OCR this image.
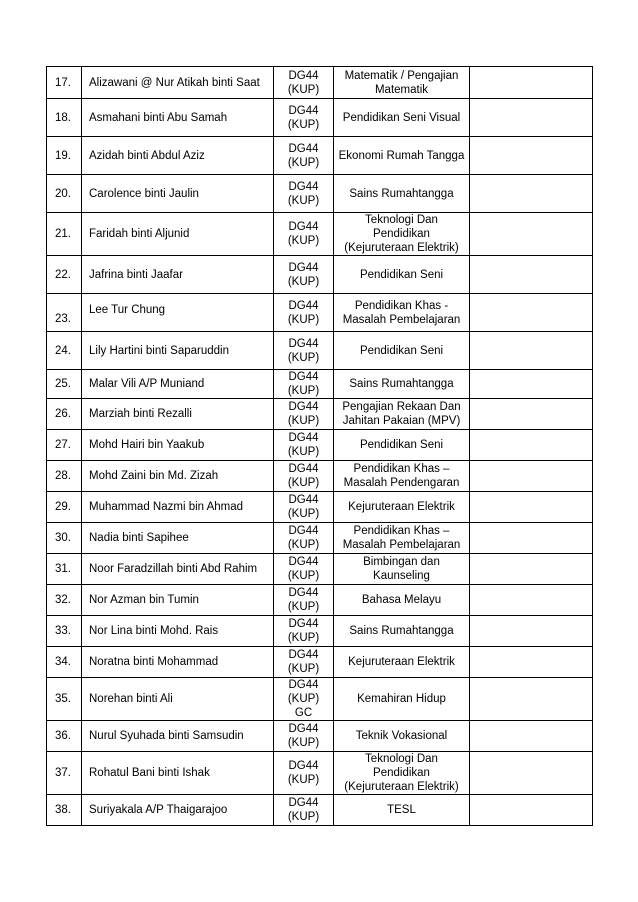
17.	Alizawani @ Nur Atikah binti Saat	DG44
(KUP)	Matematik / Pengajian
Matematik	

18.	Asmahani binti Abu Samah	DG44
(KUP)	Pendidikan Seni Visual	

19.	Azidah binti Abdul Aziz	DG44
(KUP)	Ekonomi Rumah Tangga	

20.	Carolence binti Jaulin	DG44
(KUP)	Sains Rumahtangga	

21.	Faridah binti Aljunid	DG44
(KUP)	Teknologi Dan Pendidikan
(Kejuruteraan Elektrik)	

22.	Jafrina binti Jaafar	DG44
(KUP)	Pendidikan Seni	

23.	Lee Tur Chung	DG44
(KUP)	Pendidikan Khas -
Masalah Pembelajaran	

24.	Lily Hartini binti Saparuddin	DG44
(KUP)	Pendidikan Seni	

25.	Malar Vili A/P Muniand	DG44
(KUP)	Sains Rumahtangga	

26.	Marziah binti Rezalli	DG44
(KUP)	Pengajian Rekaan Dan
Jahitan Pakaian (MPV)	

27.	Mohd Hairi bin Yaakub	DG44
(KUP)	Pendidikan Seni	

28.	Mohd Zaini bin Md. Zizah	DG44
(KUP)	Pendidikan Khas –
Masalah Pendengaran	

29.	Muhammad Nazmi bin Ahmad	DG44
(KUP)	Kejuruteraan Elektrik	

30.	Nadia binti Sapihee	DG44
(KUP)	Pendidikan Khas –
Masalah Pembelajaran	

31.	Noor Faradzillah binti Abd Rahim	DG44
(KUP)	Bimbingan dan
Kaunseling	

32.	Nor Azman bin Tumin	DG44
(KUP)	Bahasa Melayu	

33.	Nor Lina binti Mohd. Rais	DG44
(KUP)	Sains Rumahtangga	

34.	Noratna binti Mohammad	DG44
(KUP)	Kejuruteraan Elektrik	

35.	Norehan binti Ali	DG44
(KUP) GC	Kemahiran Hidup	

36.	Nurul Syuhada binti Samsudin	DG44
(KUP)	Teknik Vokasional	

37.	Rohatul Bani binti Ishak	DG44
(KUP)	Teknologi Dan Pendidikan
(Kejuruteraan Elektrik)	

38.	Suriyakala A/P Thaigarajoo	DG44
(KUP)	TESL	
